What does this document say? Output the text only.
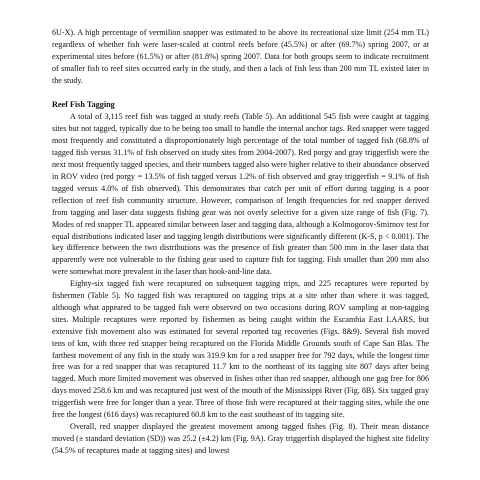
6U-X). A high percentage of vermilion snapper was estimated to be above its recreational size limit (254 mm TL) regardless of whether fish were laser-scaled at control reefs before (45.5%) or after (69.7%) spring 2007, or at experimental sites before (61.5%) or after (81.8%) spring 2007. Data for both groups seem to indicate recruitment of smaller fish to reef sites occurred early in the study, and then a lack of fish less than 200 mm TL existed later in the study.

Reef Fish Tagging

A total of 3,115 reef fish was tagged at study reefs (Table 5). An additional 545 fish were caught at tagging sites but not tagged, typically due to be being too small to handle the internal anchor tags. Red snapper were tagged most frequently and constituted a disproportionately high percentage of the total number of tagged fish (68.8% of tagged fish versus 31.1% of fish observed on study sites from 2004-2007). Red porgy and gray triggerfish were the next most frequently tagged species, and their numbers tagged also were higher relative to their abundance observed in ROV video (red porgy = 13.5% of fish tagged versus 1.2% of fish observed and gray triggerfish = 9.1% of fish tagged versus 4.0% of fish observed). This demonstrates that catch per unit of effort during tagging is a poor reflection of reef fish community structure. However, comparison of length frequencies for red snapper derived from tagging and laser data suggests fishing gear was not overly selective for a given size range of fish (Fig. 7). Modes of red snapper TL appeared similar between laser and tagging data, although a Kolmogorov-Smirnov test for equal distributions indicated laser and tagging length distributions were significantly different (K-S, p < 0.001). The key difference between the two distributions was the presence of fish greater than 500 mm in the laser data that apparently were not vulnerable to the fishing gear used to capture fish for tagging. Fish smaller than 200 mm also were somewhat more prevalent in the laser than hook-and-line data.

Eighty-six tagged fish were recaptured on subsequent tagging trips, and 225 recaptures were reported by fishermen (Table 5). No tagged fish was recaptured on tagging trips at a site other than where it was tagged, although what appeared to be tagged fish were observed on two occasions during ROV sampling at non-tagging sites. Multiple recaptures were reported by fishermen as being caught within the Escambia East LAARS, but extensive fish movement also was estimated for several reported tag recoveries (Figs. 8&9). Several fish moved tens of km, with three red snapper being recaptured on the Florida Middle Grounds south of Cape San Blas. The farthest movement of any fish in the study was 319.9 km for a red snapper free for 792 days, while the longest time free was for a red snapper that was recaptured 11.7 km to the northeast of its tagging site 807 days after being tagged. Much more limited movement was observed in fishes other than red snapper, although one gag free for 806 days moved 258.6 km and was recaptured just west of the mouth of the Mississippi River (Fig. 8B). Six tagged gray triggerfish were free for longer than a year. Three of those fish were recaptured at their tagging sites, while the one free the longest (616 days) was recaptured 60.8 km to the east southeast of its tagging site.

Overall, red snapper displayed the greatest movement among tagged fishes (Fig. 8). Their mean distance moved (± standard deviation (SD)) was 25.2 (±4.2) km (Fig. 9A). Gray triggerfish displayed the highest site fidelity (54.5% of recaptures made at tagging sites) and lowest
